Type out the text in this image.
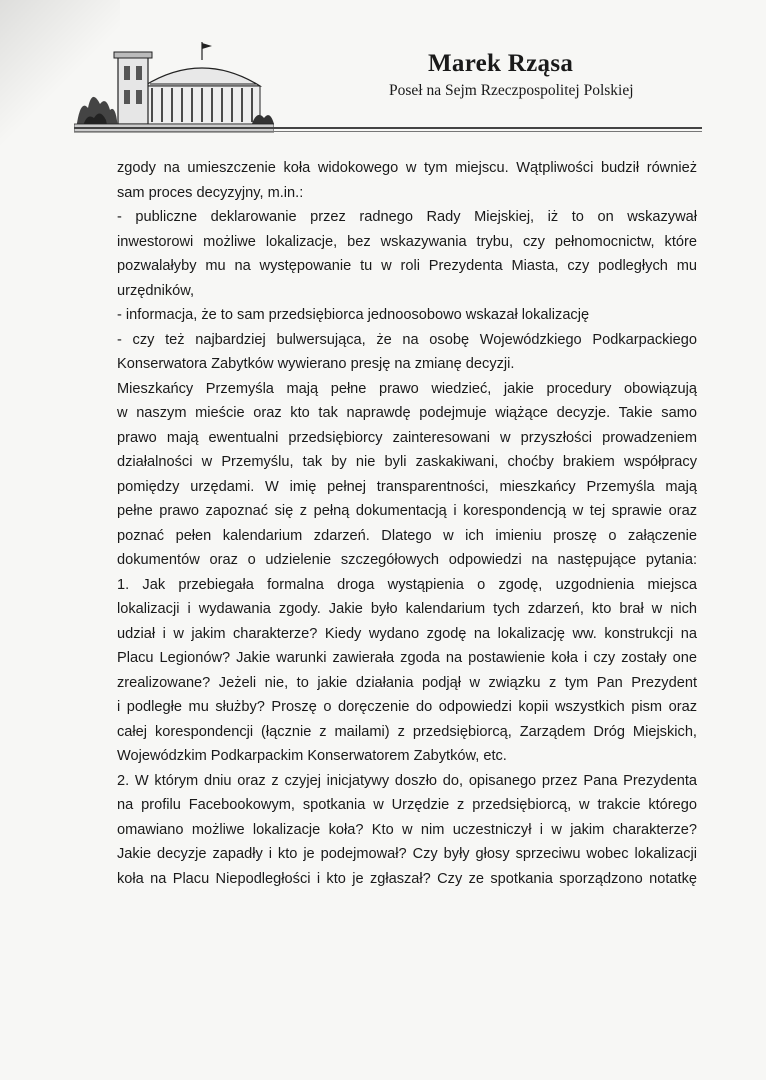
Marek Rząsa
Poseł na Sejm Rzeczpospolitej Polskiej
zgody na umieszczenie koła widokowego w tym miejscu. Wątpliwości budził również
sam proces decyzyjny, m.in.:
- publiczne deklarowanie przez radnego Rady Miejskiej, iż to on wskazywał
inwestorowi możliwe lokalizacje, bez wskazywania trybu, czy pełnomocnictw, które
pozwalałyby mu na występowanie tu w roli Prezydenta Miasta, czy podległych mu
urzędników,
- informacja, że to sam przedsiębiorca jednoosobowo wskazał lokalizację
- czy też najbardziej bulwersująca, że na osobę Wojewódzkiego Podkarpackiego
Konserwatora Zabytków wywierano presję na zmianę decyzji.
Mieszkańcy Przemyśla mają pełne prawo wiedzieć, jakie procedury obowiązują
w naszym mieście oraz kto tak naprawdę podejmuje wiążące decyzje. Takie samo
prawo mają ewentualni przedsiębiorcy zainteresowani w przyszłości prowadzeniem
działalności w Przemyślu, tak by nie byli zaskakiwani, choćby brakiem współpracy
pomiędzy urzędami. W imię pełnej transparentności, mieszkańcy Przemyśla mają
pełne prawo zapoznać się z pełną dokumentacją i korespondencją w tej sprawie oraz
poznać pełen kalendarium zdarzeń. Dlatego w ich imieniu proszę o załączenie
dokumentów oraz o udzielenie szczegółowych odpowiedzi na następujące pytania:
1. Jak przebiegała formalna droga wystąpienia o zgodę, uzgodnienia miejsca
lokalizacji i wydawania zgody. Jakie było kalendarium tych zdarzeń, kto brał w nich
udział i w jakim charakterze? Kiedy wydano zgodę na lokalizację ww. konstrukcji na
Placu Legionów? Jakie warunki zawierała zgoda na postawienie koła i czy zostały one
zrealizowane? Jeżeli nie, to jakie działania podjął w związku z tym Pan Prezydent
i podległe mu służby? Proszę o doręczenie do odpowiedzi kopii wszystkich pism oraz
całej korespondencji (łącznie z mailami) z przedsiębiorcą, Zarządem Dróg Miejskich,
Wojewódzkim Podkarpackim Konserwatorem Zabytków, etc.
2. W którym dniu oraz z czyjej inicjatywy doszło do, opisanego przez Pana Prezydenta
na profilu Facebookowym, spotkania w Urzędzie z przedsiębiorcą, w trakcie którego
omawiano możliwe lokalizacje koła? Kto w nim uczestniczył i w jakim charakterze?
Jakie decyzje zapadły i kto je podejmował? Czy były głosy sprzeciwu wobec lokalizacji
koła na Placu Niepodległości i kto je zgłaszał? Czy ze spotkania sporządzono notatkę
